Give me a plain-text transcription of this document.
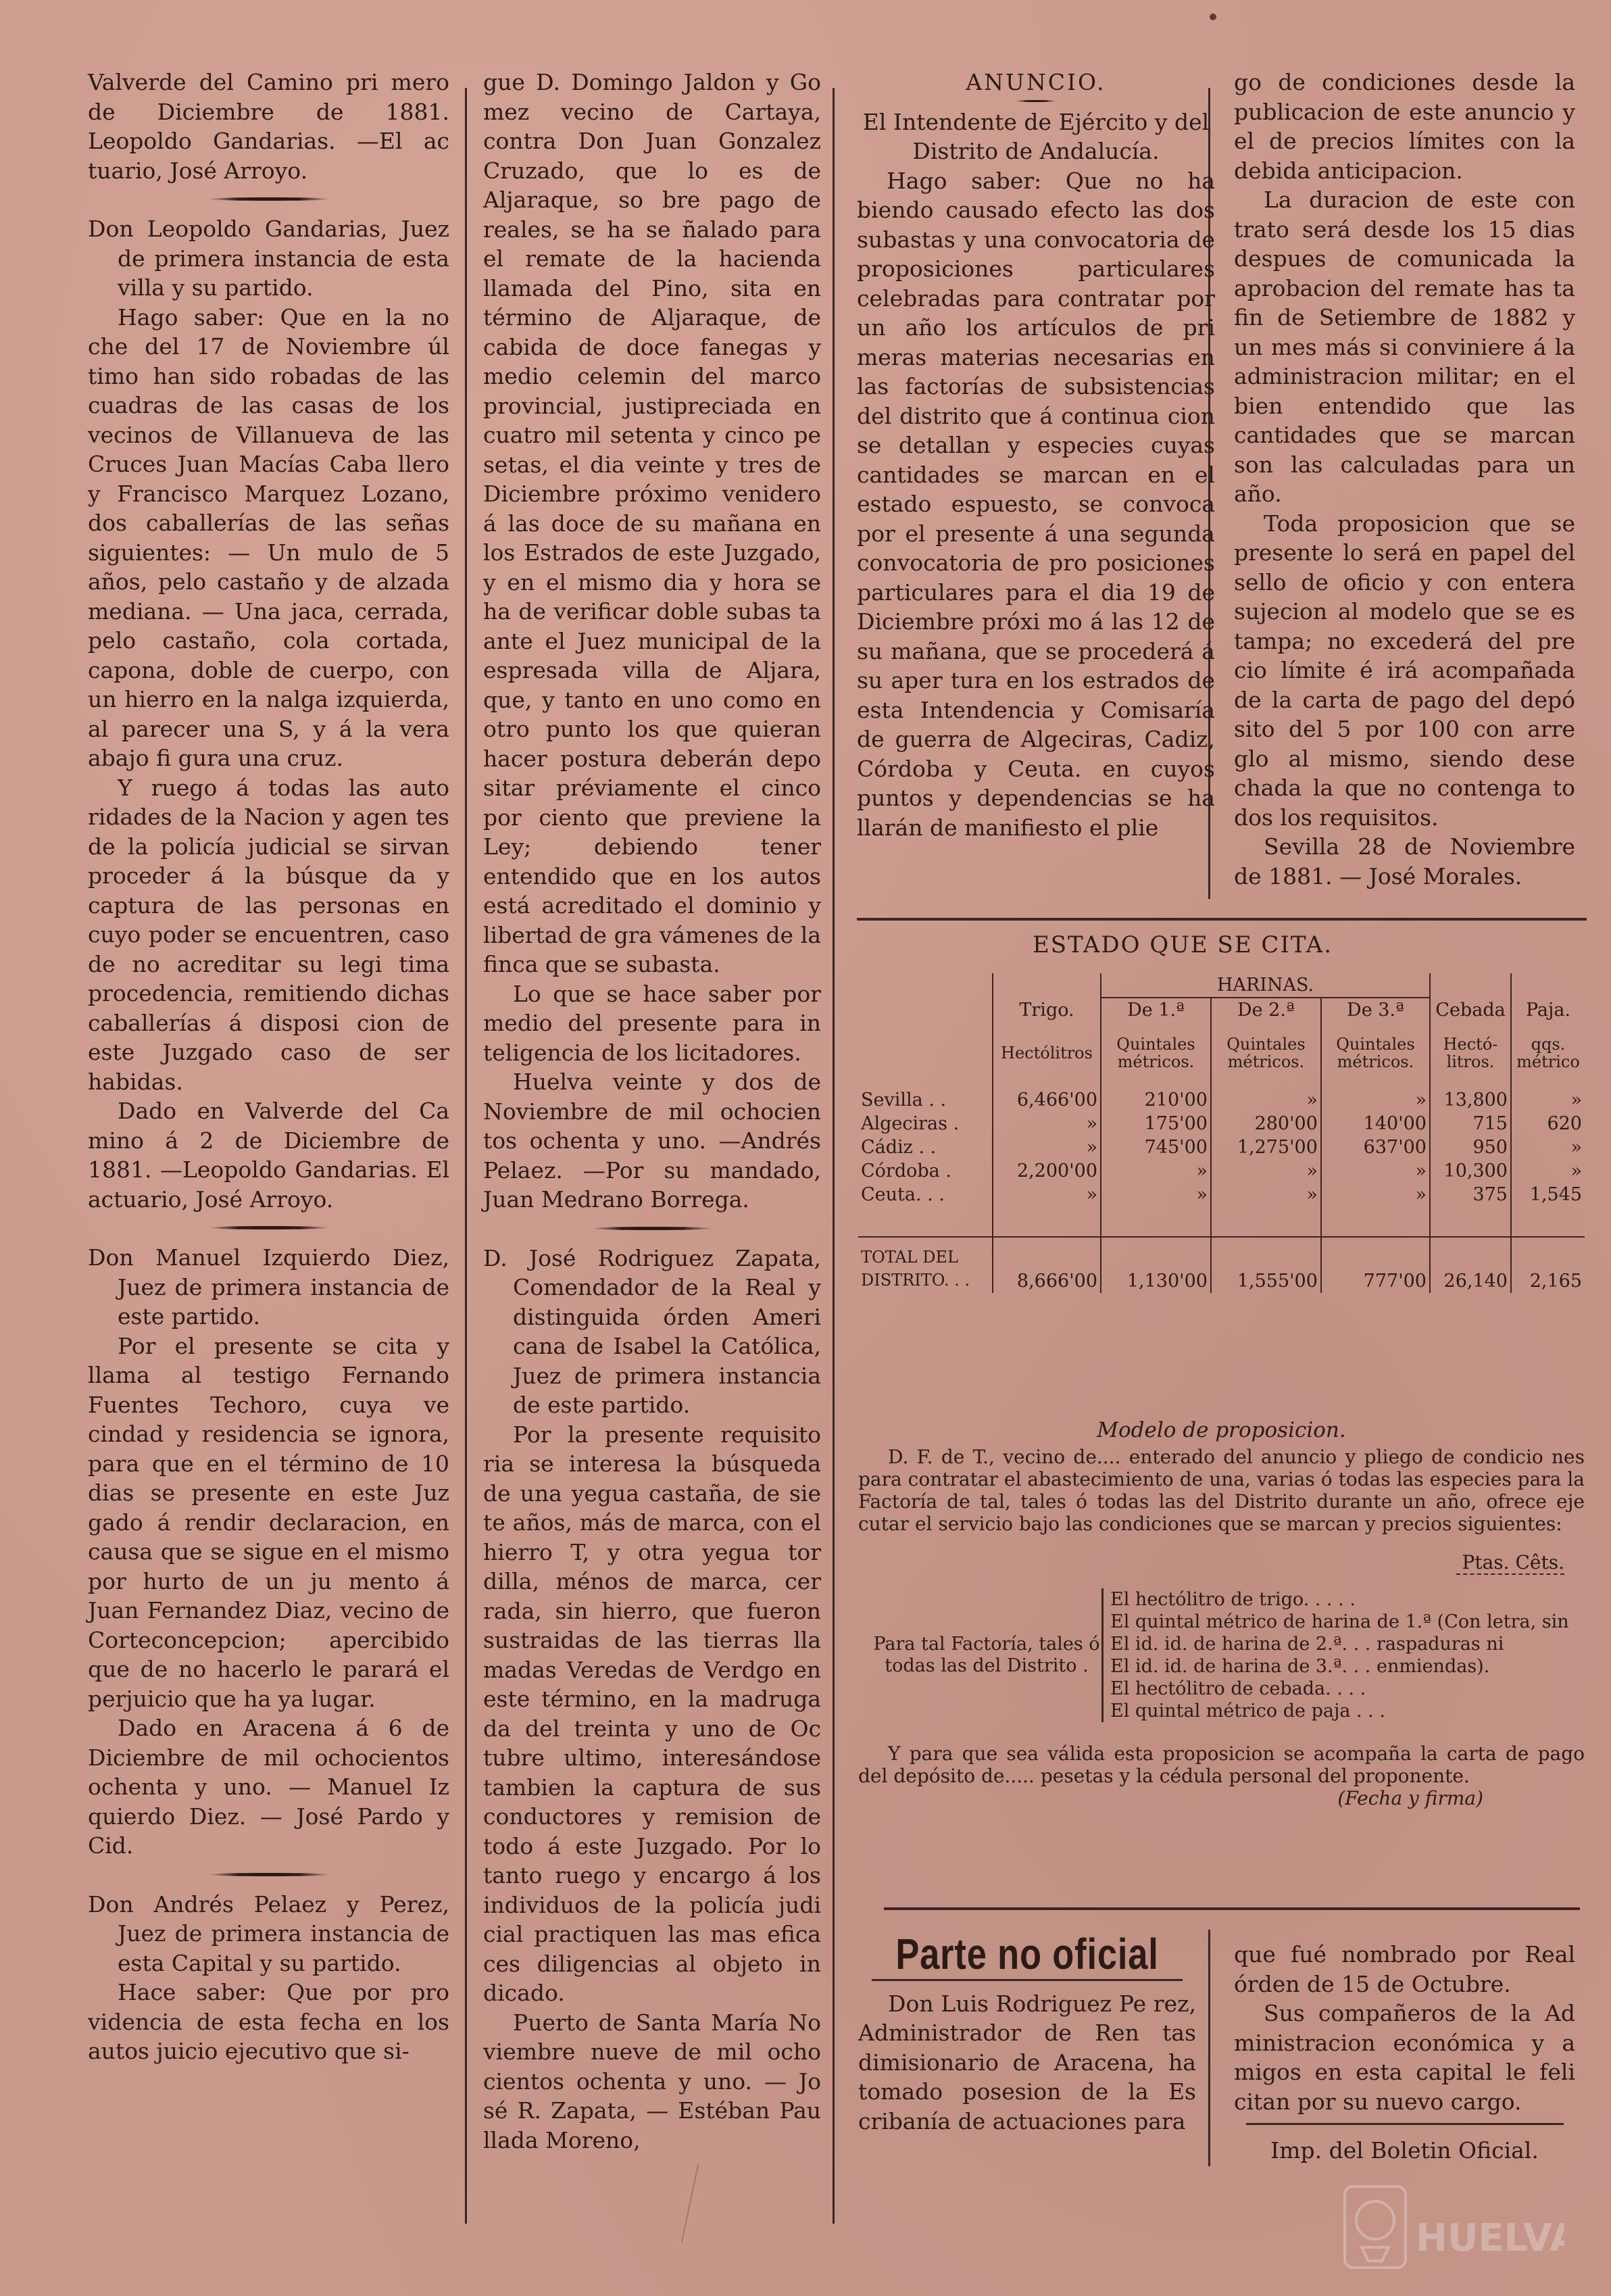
Valverde del Camino pri mero de Diciembre de 1881. Leopoldo Gandarias. —El ac tuario, José Arroyo.

Don Leopoldo Gandarias, Juez de primera instancia de esta villa y su partido.

Hago saber: Que en la no che del 17 de Noviembre úl timo han sido robadas de las cuadras de las casas de los vecinos de Villanueva de las Cruces Juan Macías Caba llero y Francisco Marquez Lozano, dos caballerías de las señas siguientes: — Un mulo de 5 años, pelo castaño y de alzada mediana. — Una jaca, cerrada, pelo castaño, cola cortada, capona, doble de cuerpo, con un hierro en la nalga izquierda, al parecer una S, y á la vera abajo fi gura una cruz.

Y ruego á todas las auto ridades de la Nacion y agen tes de la policía judicial se sirvan proceder á la búsque da y captura de las personas en cuyo poder se encuentren, caso de no acreditar su legi tima procedencia, remitiendo dichas caballerías á disposi cion de este Juzgado caso de ser habidas.

Dado en Valverde del Ca mino á 2 de Diciembre de 1881. —Leopoldo Gandarias. El actuario, José Arroyo.

Don Manuel Izquierdo Diez, Juez de primera instancia de este partido.

Por el presente se cita y llama al testigo Fernando Fuentes Techoro, cuya ve cindad y residencia se ignora, para que en el término de 10 dias se presente en este Juz gado á rendir declaracion, en causa que se sigue en el mismo por hurto de un ju mento á Juan Fernandez Diaz, vecino de Corteconcepcion; apercibido que de no hacerlo le parará el perjuicio que ha ya lugar.

Dado en Aracena á 6 de Diciembre de mil ochocientos ochenta y uno. — Manuel Iz quierdo Diez. — José Pardo y Cid.

Don Andrés Pelaez y Perez, Juez de primera instancia de esta Capital y su partido.

Hace saber: Que por pro videncia de esta fecha en los autos juicio ejecutivo que si-

gue D. Domingo Jaldon y Go mez vecino de Cartaya, contra Don Juan Gonzalez Cruzado, que lo es de Aljaraque, so bre pago de reales, se ha se ñalado para el remate de la hacienda llamada del Pino, sita en término de Aljaraque, de cabida de doce fanegas y medio celemin del marco provincial, justipreciada en cuatro mil setenta y cinco pe setas, el dia veinte y tres de Diciembre próximo venidero á las doce de su mañana en los Estrados de este Juzgado, y en el mismo dia y hora se ha de verificar doble subas ta ante el Juez municipal de la espresada villa de Aljara, que, y tanto en uno como en otro punto los que quieran hacer postura deberán depo sitar préviamente el cinco por ciento que previene la Ley; debiendo tener entendido que en los autos está acreditado el dominio y libertad de gra vámenes de la finca que se subasta.

Lo que se hace saber por medio del presente para in teligencia de los licitadores.

Huelva veinte y dos de Noviembre de mil ochocien tos ochenta y uno. —Andrés Pelaez. —Por su mandado, Juan Medrano Borrega.

D. José Rodriguez Zapata, Comendador de la Real y distinguida órden Ameri cana de Isabel la Católica, Juez de primera instancia de este partido.

Por la presente requisito ria se interesa la búsqueda de una yegua castaña, de sie te años, más de marca, con el hierro T, y otra yegua tor dilla, ménos de marca, cer rada, sin hierro, que fueron sustraidas de las tierras lla madas Veredas de Verdgo en este término, en la madruga da del treinta y uno de Oc tubre ultimo, interesándose tambien la captura de sus conductores y remision de todo á este Juzgado. Por lo tanto ruego y encargo á los individuos de la policía judi cial practiquen las mas efica ces diligencias al objeto in dicado.

Puerto de Santa María No viembre nueve de mil ocho cientos ochenta y uno. — Jo sé R. Zapata, — Estéban Pau llada Moreno,

ANUNCIO.

El Intendente de Ejército y del Distrito de Andalucía.

Hago saber: Que no ha biendo causado efecto las dos subastas y una convocatoria de proposiciones particulares celebradas para contratar por un año los artículos de pri meras materias necesarias en las factorías de subsistencias del distrito que á continua cion se detallan y especies cuyas cantidades se marcan en el estado espuesto, se convoca por el presente á una segunda convocatoria de pro posiciones particulares para el dia 19 de Diciembre próxi mo á las 12 de su mañana, que se procederá á su aper tura en los estrados de esta Intendencia y Comisaría de guerra de Algeciras, Cadiz, Córdoba y Ceuta. en cuyos puntos y dependencias se ha llarán de manifiesto el plie

go de condiciones desde la publicacion de este anuncio y el de precios límites con la debida anticipacion.

La duracion de este con trato será desde los 15 dias despues de comunicada la aprobacion del remate has ta fin de Setiembre de 1882 y un mes más si conviniere á la administracion militar; en el bien entendido que las cantidades que se marcan son las calculadas para un año.

Toda proposicion que se presente lo será en papel del sello de oficio y con entera sujecion al modelo que se es tampa; no excederá del pre cio límite é irá acompañada de la carta de pago del depó sito del 5 por 100 con arre glo al mismo, siendo dese chada la que no contenga to dos los requisitos.

Sevilla 28 de Noviembre de 1881. — José Morales.

ESTADO QUE SE CITA.
		HARINAS.				
	Trigo.	De 1.ª	De 2.ª	De 3.ª	Cebada	Paja.
	Hectólitros	Quintales métricos.	Quintales métricos.	Quintales métricos.	Hectó- litros.	qqs. métrico

Sevilla . .	6,466'00	210'00	»	»	13,800	»
Algeciras .	»	175'00	280'00	140'00	715	620
Cádiz . .	»	745'00	1,275'00	637'00	950	»
Córdoba .	2,200'00	»	»	»	10,300	»
Ceuta. . .	»	»	»	»	375	1,545

TOTAL DEL
DISTRITO. . .	8,666'00	1,130'00	1,555'00	777'00	26,140	2,165

Modelo de proposicion.

D. F. de T., vecino de.... enterado del anuncio y pliego de condicio nes para contratar el abastecimiento de una, varias ó todas las especies para la Factoría de tal, tales ó todas las del Distrito durante un año, ofrece eje cutar el servicio bajo las condiciones que se marcan y precios siguientes:

Ptas. Cêts.

Para tal Factoría, tales ó todas las del Distrito .
El hectólitro de trigo. . . . .
El quintal métrico de harina de 1.ª (Con letra, sin
El id. id. de harina de 2.ª. . . raspaduras ni
El id. id. de harina de 3.ª. . . enmiendas).
El hectólitro de cebada. . . .
El quintal métrico de paja . . .

Y para que sea válida esta proposicion se acompaña la carta de pago del depósito de..... pesetas y la cédula personal del proponente.

(Fecha y firma)

Parte no oficial

Don Luis Rodriguez Pe rez, Administrador de Ren tas dimisionario de Aracena, ha tomado posesion de la Es cribanía de actuaciones para

que fué nombrado por Real órden de 15 de Octubre.

Sus compañeros de la Ad ministracion económica y a migos en esta capital le feli citan por su nuevo cargo.

Imp. del Boletin Oficial.

HUELVA
